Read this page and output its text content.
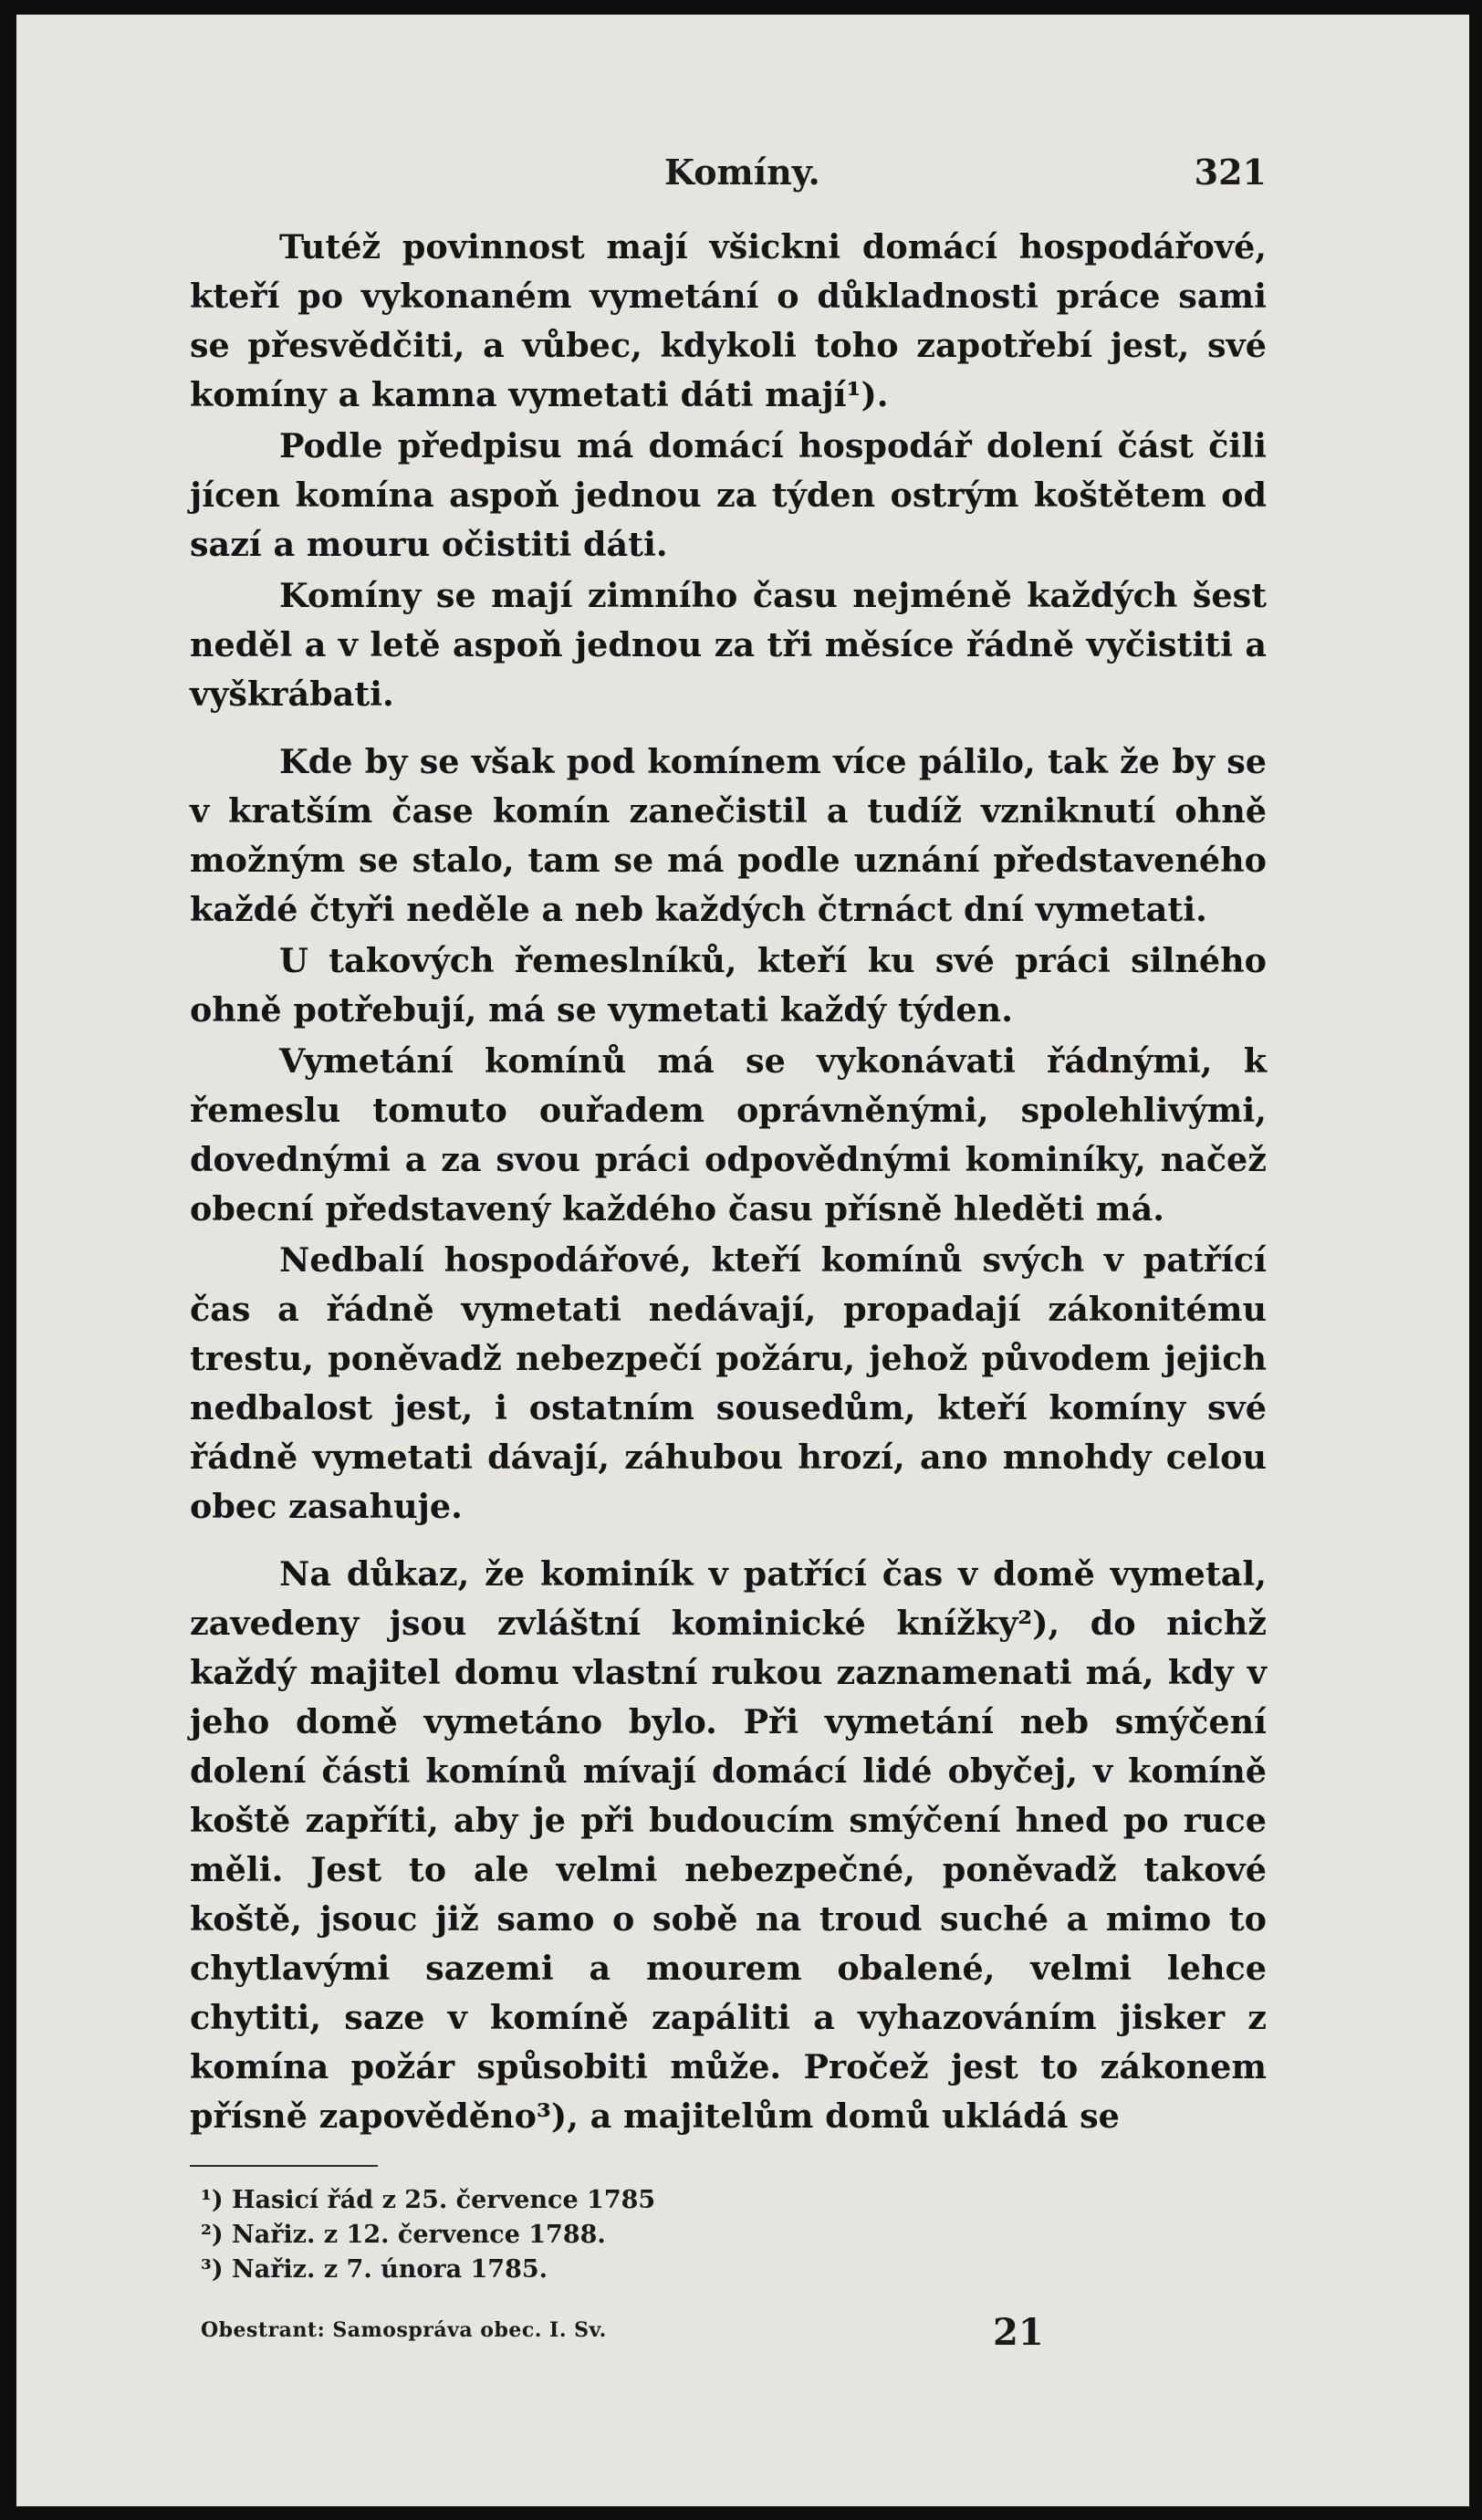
Komíny.	321

Tutéž povinnost mají všickni domácí hospodářové, kteří po vykonaném vymetání o důkladnosti práce sami se přesvědčiti, a vůbec, kdykoli toho zapotřebí jest, své komíny a kamna vymetati dáti mají¹).

Podle předpisu má domácí hospodář dolení část čili jícen komína aspoň jednou za týden ostrým koštětem od sazí a mouru očistiti dáti.

Komíny se mají zimního času nejméně každých šest neděl a v letě aspoň jednou za tři měsíce řádně vyčistiti a vyškrábati.

Kde by se však pod komínem více pálilo, tak že by se v kratším čase komín zanečistil a tudíž vzniknutí ohně možným se stalo, tam se má podle uznání představeného každé čtyři neděle a neb každých čtrnáct dní vymetati.

U takových řemeslníků, kteří ku své práci silného ohně potřebují, má se vymetati každý týden.

Vymetání komínů má se vykonávati řádnými, k řemeslu tomuto ouřadem oprávněnými, spolehlivými, dovednými a za svou práci odpovědnými kominíky, načež obecní představený každého času přísně hleděti má.

Nedbalí hospodářové, kteří komínů svých v patřící čas a řádně vymetati nedávají, propadají zákonitému trestu, poněvadž nebezpečí požáru, jehož původem jejich nedbalost jest, i ostatním sousedům, kteří komíny své řádně vymetati dávají, záhubou hrozí, ano mnohdy celou obec zasahuje.

Na důkaz, že kominík v patřící čas v domě vymetal, zavedeny jsou zvláštní kominické knížky²), do nichž každý majitel domu vlastní rukou zaznamenati má, kdy v jeho domě vymetáno bylo. Při vymetání neb smýčení dolení části komínů mívají domácí lidé obyčej, v komíně koště zapříti, aby je při budoucím smýčení hned po ruce měli. Jest to ale velmi nebezpečné, poněvadž takové koště, jsouc již samo o sobě na troud suché a mimo to chytlavými sazemi a mourem obalené, velmi lehce chytiti, saze v komíně zapáliti a vyhazováním jisker z komína požár spůsobiti může. Pročež jest to zákonem přísně zapověděno³), a majitelům domů ukládá se

¹) Hasicí řád z 25. července 1785
²) Nařiz. z 12. července 1788.
³) Nařiz. z 7. února 1785.
Obestrant: Samospráva obec. I. Sv.	21
